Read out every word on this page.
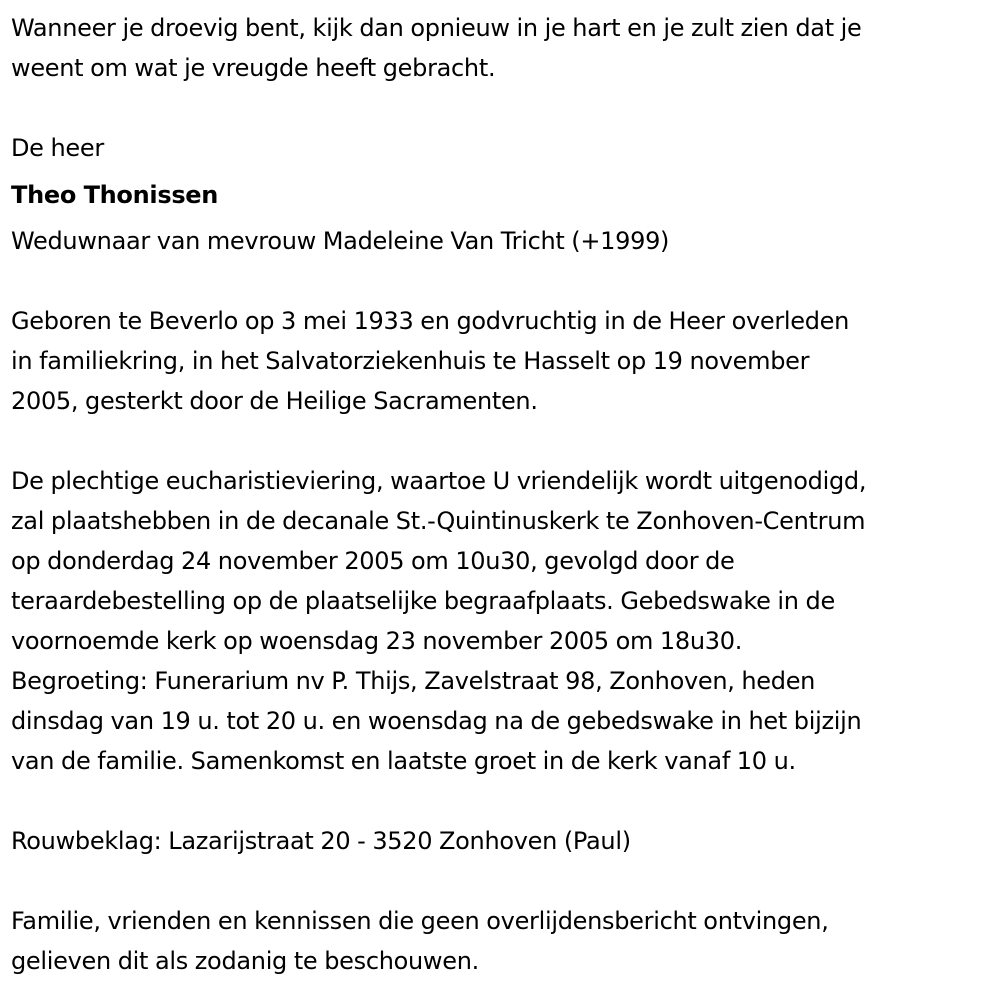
Wanneer je droevig bent, kijk dan opnieuw in je hart en je zult zien dat je
weent om wat je vreugde heeft gebracht.

De heer

Theo Thonissen

Weduwnaar van mevrouw Madeleine Van Tricht (+1999)

Geboren te Beverlo op 3 mei 1933 en godvruchtig in de Heer overleden
in familiekring, in het Salvatorziekenhuis te Hasselt op 19 november
2005, gesterkt door de Heilige Sacramenten.

De plechtige eucharistieviering, waartoe U vriendelijk wordt uitgenodigd,
zal plaatshebben in de decanale St.-Quintinuskerk te Zonhoven-Centrum
op donderdag 24 november 2005 om 10u30, gevolgd door de
teraardebestelling op de plaatselijke begraafplaats. Gebedswake in de
voornoemde kerk op woensdag 23 november 2005 om 18u30.
Begroeting: Funerarium nv P. Thijs, Zavelstraat 98, Zonhoven, heden
dinsdag van 19 u. tot 20 u. en woensdag na de gebedswake in het bijzijn
van de familie. Samenkomst en laatste groet in de kerk vanaf 10 u.

Rouwbeklag: Lazarijstraat 20 - 3520 Zonhoven (Paul)

Familie, vrienden en kennissen die geen overlijdensbericht ontvingen,
gelieven dit als zodanig te beschouwen.
